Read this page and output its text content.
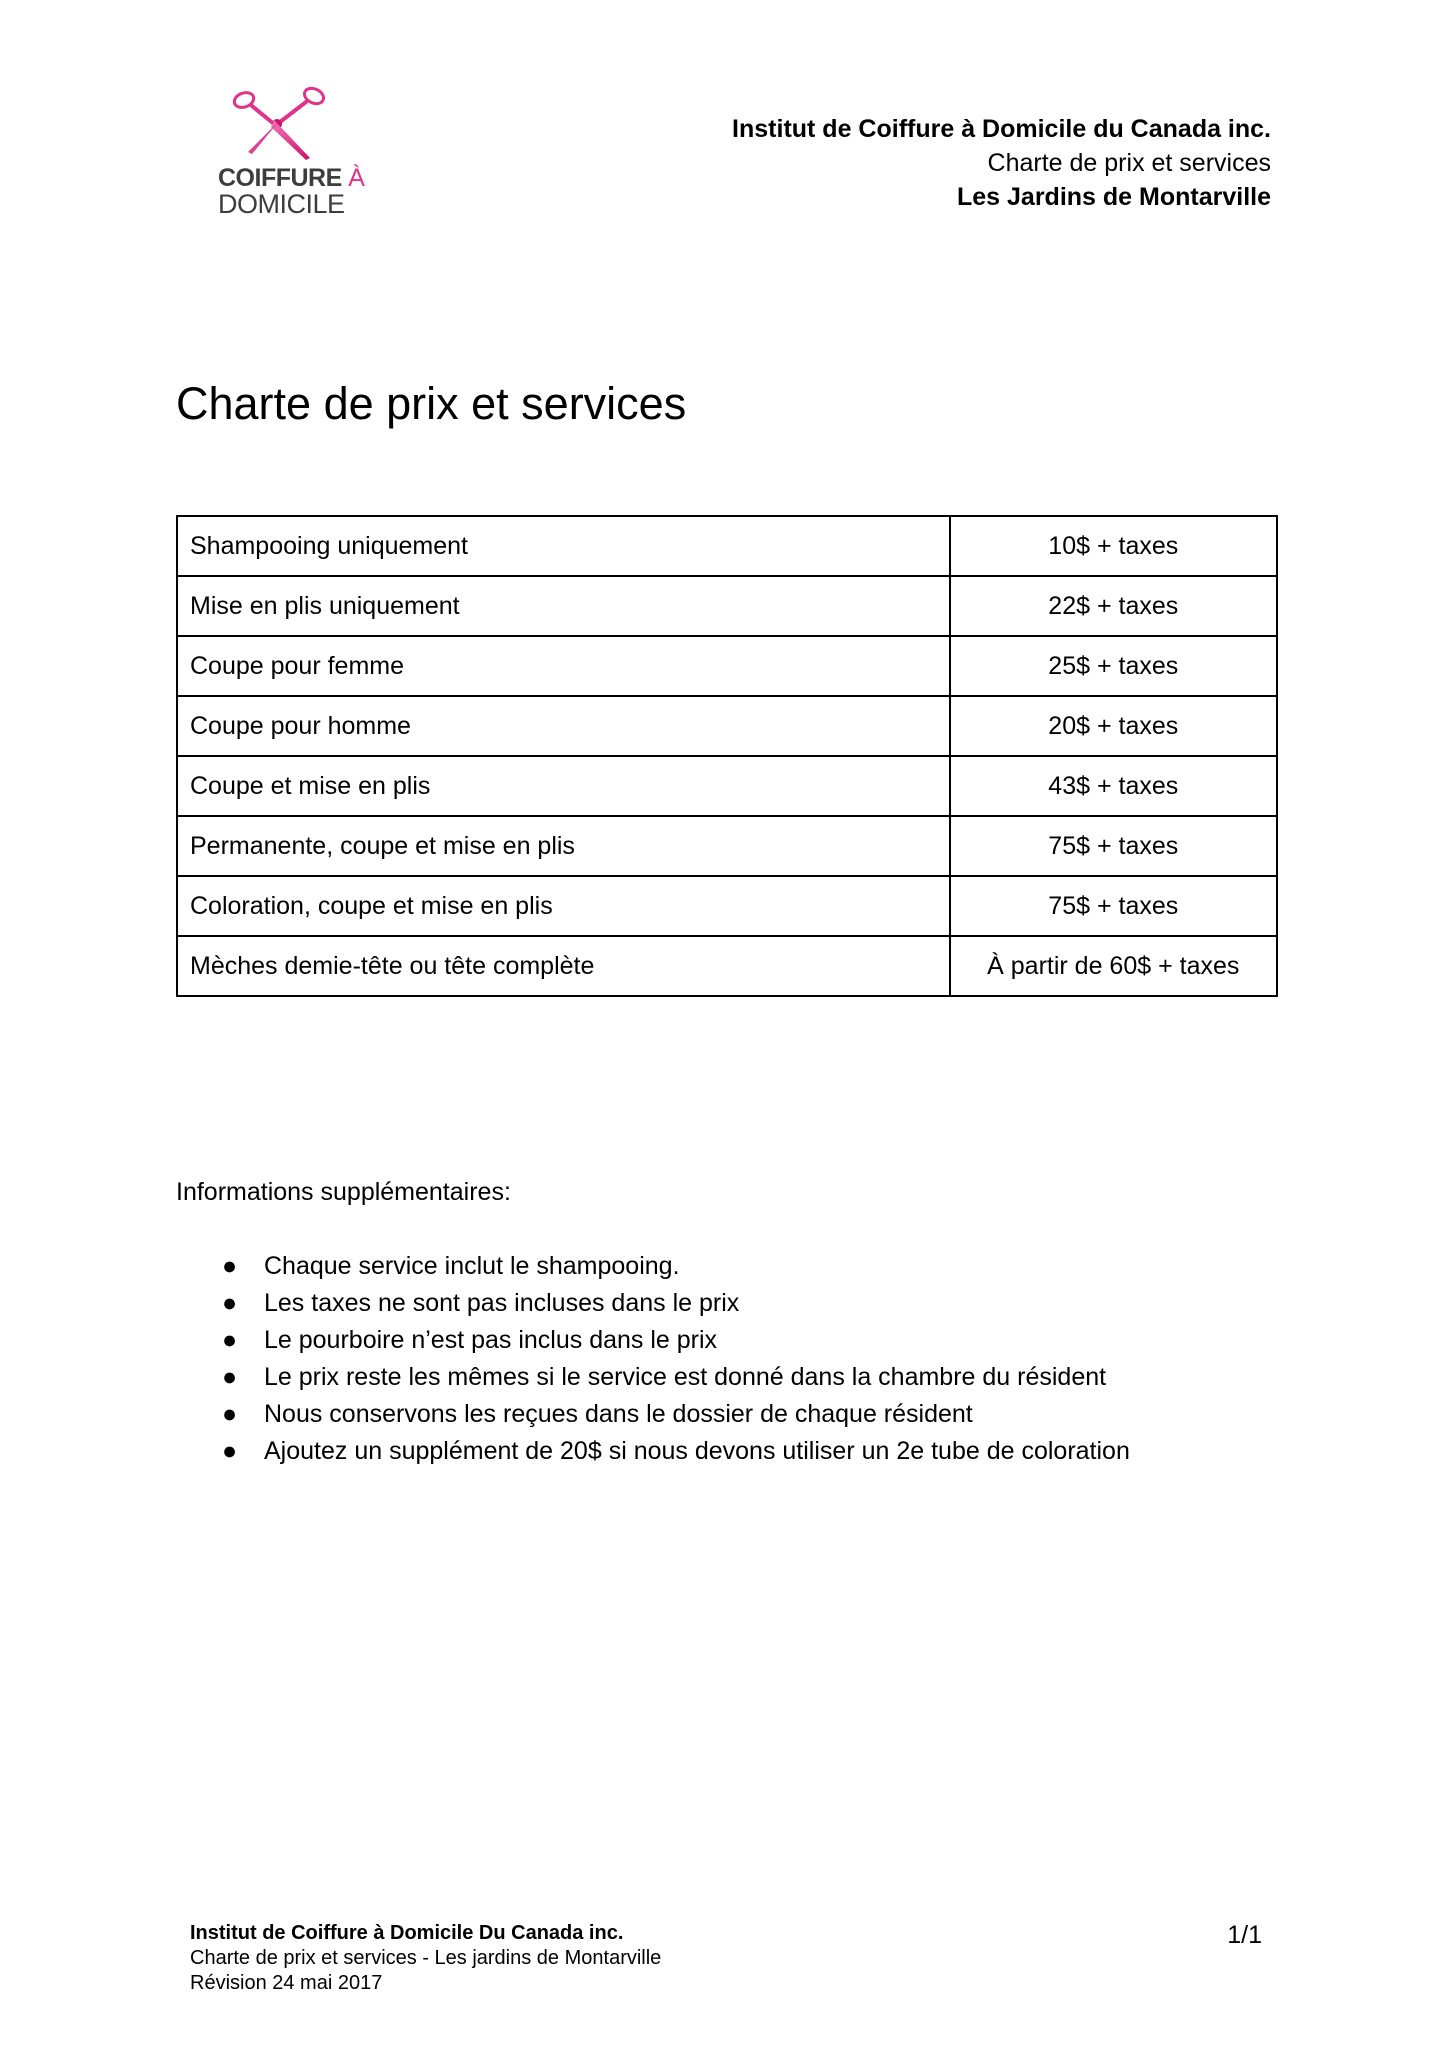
COIFFURE À
DOMICILE
Institut de Coiffure à Domicile du Canada inc.
Charte de prix et services
Les Jardins de Montarville
Charte de prix et services
Shampooing uniquement	10$ + taxes
Mise en plis uniquement	22$ + taxes
Coupe pour femme	25$ + taxes
Coupe pour homme	20$ + taxes
Coupe et mise en plis	43$ + taxes
Permanente, coupe et mise en plis	75$ + taxes
Coloration, coupe et mise en plis	75$ + taxes
Mèches demie-tête ou tête complète	À partir de 60$ + taxes

Informations supplémentaires:

● Chaque service inclut le shampooing.
● Les taxes ne sont pas incluses dans le prix
● Le pourboire n’est pas inclus dans le prix
● Le prix reste les mêmes si le service est donné dans la chambre du résident
● Nous conservons les reçues dans le dossier de chaque résident
● Ajoutez un supplément de 20$ si nous devons utiliser un 2e tube de coloration
Institut de Coiffure à Domicile Du Canada inc.
Charte de prix et services - Les jardins de Montarville
Révision 24 mai 2017
1/1
